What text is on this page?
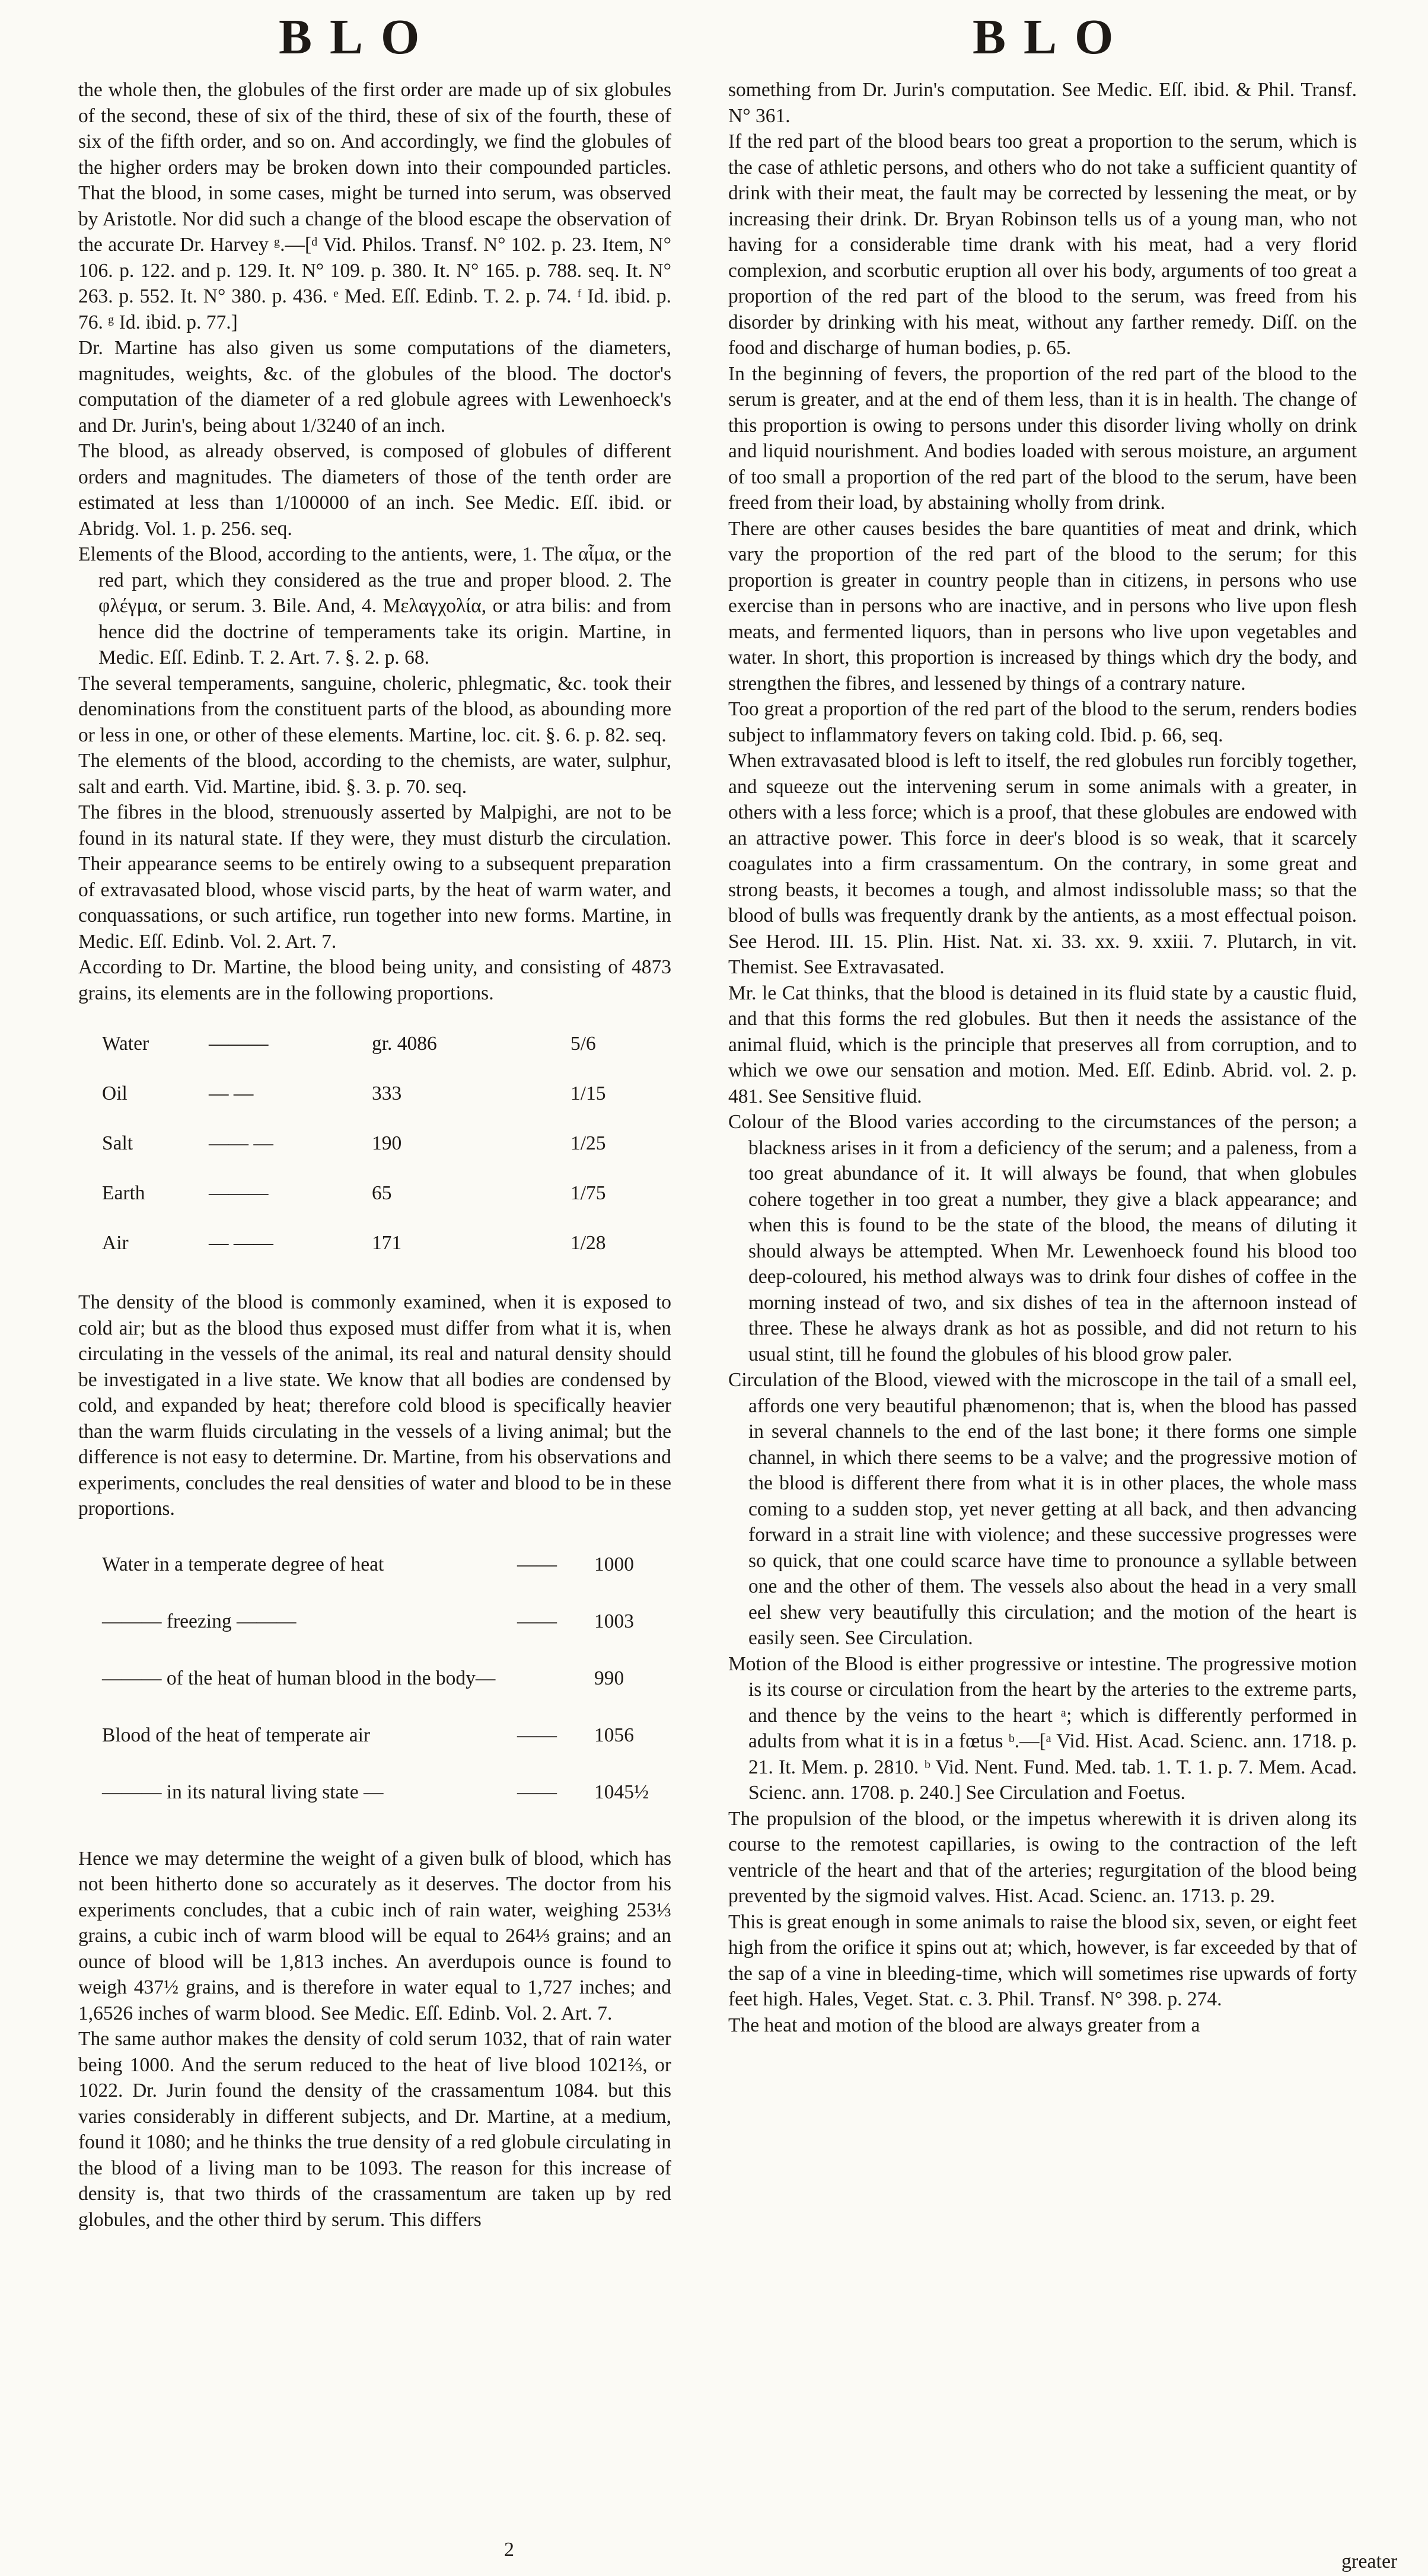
BLO	BLO

the whole then, the globules of the first order are made up of six globules of the second, these of six of the third, these of six of the fourth, these of six of the fifth order, and so on. And accordingly, we find the globules of the higher orders may be broken down into their compounded particles. That the blood, in some cases, might be turned into serum, was observed by Aristotle. Nor did such a change of the blood escape the observation of the accurate Dr. Harvey ᵍ.—[ᵈ Vid. Philos. Transf. N° 102. p. 23. Item, N° 106. p. 122. and p. 129. It. N° 109. p. 380. It. N° 165. p. 788. seq. It. N° 263. p. 552. It. N° 380. p. 436. ᵉ Med. Eſſ. Edinb. T. 2. p. 74. ᶠ Id. ibid. p. 76. ᵍ Id. ibid. p. 77.]

Dr. Martine has also given us some computations of the diameters, magnitudes, weights, &c. of the globules of the blood. The doctor's computation of the diameter of a red globule agrees with Lewenhoeck's and Dr. Jurin's, being about 1/3240 of an inch.

The blood, as already observed, is composed of globules of different orders and magnitudes. The diameters of those of the tenth order are estimated at less than 1/100000 of an inch. See Medic. Eſſ. ibid. or Abridg. Vol. 1. p. 256. seq.

Elements of the Blood, according to the antients, were, 1. The αἷμα, or the red part, which they considered as the true and proper blood. 2. The φλέγμα, or serum. 3. Bile. And, 4. Μελαγχολία, or atra bilis: and from hence did the doctrine of temperaments take its origin. Martine, in Medic. Eſſ. Edinb. T. 2. Art. 7. §. 2. p. 68.

The several temperaments, sanguine, choleric, phlegmatic, &c. took their denominations from the constituent parts of the blood, as abounding more or less in one, or other of these elements. Martine, loc. cit. §. 6. p. 82. seq.

The elements of the blood, according to the chemists, are water, sulphur, salt and earth. Vid. Martine, ibid. §. 3. p. 70. seq.

The fibres in the blood, strenuously asserted by Malpighi, are not to be found in its natural state. If they were, they must disturb the circulation. Their appearance seems to be entirely owing to a subsequent preparation of extravasated blood, whose viscid parts, by the heat of warm water, and conquassations, or such artifice, run together into new forms. Martine, in Medic. Eſſ. Edinb. Vol. 2. Art. 7.

According to Dr. Martine, the blood being unity, and consisting of 4873 grains, its elements are in the following proportions.

Water	———	gr. 4086	5/6
Oil	— —	333	1/15
Salt	—— —	190	1/25
Earth	———	65	1/75
Air	— ——	171	1/28

The density of the blood is commonly examined, when it is exposed to cold air; but as the blood thus exposed must differ from what it is, when circulating in the vessels of the animal, its real and natural density should be investigated in a live state. We know that all bodies are condensed by cold, and expanded by heat; therefore cold blood is specifically heavier than the warm fluids circulating in the vessels of a living animal; but the difference is not easy to determine. Dr. Martine, from his observations and experiments, concludes the real densities of water and blood to be in these proportions.

Water in a temperate degree of heat	—— 1000
——— freezing ———	—— 1003
——— of the heat of human blood in the body—	990
Blood of the heat of temperate air	—— 1056
——— in its natural living state —	—— 1045½

Hence we may determine the weight of a given bulk of blood, which has not been hitherto done so accurately as it deserves. The doctor from his experiments concludes, that a cubic inch of rain water, weighing 253⅓ grains, a cubic inch of warm blood will be equal to 264⅓ grains; and an ounce of blood will be 1,813 inches. An averdupois ounce is found to weigh 437½ grains, and is therefore in water equal to 1,727 inches; and 1,6526 inches of warm blood. See Medic. Eſſ. Edinb. Vol. 2. Art. 7.

The same author makes the density of cold serum 1032, that of rain water being 1000. And the serum reduced to the heat of live blood 1021⅔, or 1022. Dr. Jurin found the density of the crassamentum 1084. but this varies considerably in different subjects, and Dr. Martine, at a medium, found it 1080; and he thinks the true density of a red globule circulating in the blood of a living man to be 1093. The reason for this increase of density is, that two thirds of the crassamentum are taken up by red globules, and the other third by serum. This differs

something from Dr. Jurin's computation. See Medic. Eſſ. ibid. & Phil. Transf. N° 361.

If the red part of the blood bears too great a proportion to the serum, which is the case of athletic persons, and others who do not take a sufficient quantity of drink with their meat, the fault may be corrected by lessening the meat, or by increasing their drink. Dr. Bryan Robinson tells us of a young man, who not having for a considerable time drank with his meat, had a very florid complexion, and scorbutic eruption all over his body, arguments of too great a proportion of the red part of the blood to the serum, was freed from his disorder by drinking with his meat, without any farther remedy. Diſſ. on the food and discharge of human bodies, p. 65.

In the beginning of fevers, the proportion of the red part of the blood to the serum is greater, and at the end of them less, than it is in health. The change of this proportion is owing to persons under this disorder living wholly on drink and liquid nourishment. And bodies loaded with serous moisture, an argument of too small a proportion of the red part of the blood to the serum, have been freed from their load, by abstaining wholly from drink.

There are other causes besides the bare quantities of meat and drink, which vary the proportion of the red part of the blood to the serum; for this proportion is greater in country people than in citizens, in persons who use exercise than in persons who are inactive, and in persons who live upon flesh meats, and fermented liquors, than in persons who live upon vegetables and water. In short, this proportion is increased by things which dry the body, and strengthen the fibres, and lessened by things of a contrary nature.

Too great a proportion of the red part of the blood to the serum, renders bodies subject to inflammatory fevers on taking cold. Ibid. p. 66, seq.

When extravasated blood is left to itself, the red globules run forcibly together, and squeeze out the intervening serum in some animals with a greater, in others with a less force; which is a proof, that these globules are endowed with an attractive power. This force in deer's blood is so weak, that it scarcely coagulates into a firm crassamentum. On the contrary, in some great and strong beasts, it becomes a tough, and almost indissoluble mass; so that the blood of bulls was frequently drank by the antients, as a most effectual poison. See Herod. III. 15. Plin. Hist. Nat. xi. 33. xx. 9. xxiii. 7. Plutarch, in vit. Themist. See Extravasated.

Mr. le Cat thinks, that the blood is detained in its fluid state by a caustic fluid, and that this forms the red globules. But then it needs the assistance of the animal fluid, which is the principle that preserves all from corruption, and to which we owe our sensation and motion. Med. Eſſ. Edinb. Abrid. vol. 2. p. 481. See Sensitive fluid.

Colour of the Blood varies according to the circumstances of the person; a blackness arises in it from a deficiency of the serum; and a paleness, from a too great abundance of it. It will always be found, that when globules cohere together in too great a number, they give a black appearance; and when this is found to be the state of the blood, the means of diluting it should always be attempted. When Mr. Lewenhoeck found his blood too deep-coloured, his method always was to drink four dishes of coffee in the morning instead of two, and six dishes of tea in the afternoon instead of three. These he always drank as hot as possible, and did not return to his usual stint, till he found the globules of his blood grow paler.

Circulation of the Blood, viewed with the microscope in the tail of a small eel, affords one very beautiful phænomenon; that is, when the blood has passed in several channels to the end of the last bone; it there forms one simple channel, in which there seems to be a valve; and the progressive motion of the blood is different there from what it is in other places, the whole mass coming to a sudden stop, yet never getting at all back, and then advancing forward in a strait line with violence; and these successive progresses were so quick, that one could scarce have time to pronounce a syllable between one and the other of them. The vessels also about the head in a very small eel shew very beautifully this circulation; and the motion of the heart is easily seen. See Circulation.

Motion of the Blood is either progressive or intestine. The progressive motion is its course or circulation from the heart by the arteries to the extreme parts, and thence by the veins to the heart ᵃ; which is differently performed in adults from what it is in a fœtus ᵇ.—[ᵃ Vid. Hist. Acad. Scienc. ann. 1718. p. 21. It. Mem. p. 2810. ᵇ Vid. Nent. Fund. Med. tab. 1. T. 1. p. 7. Mem. Acad. Scienc. ann. 1708. p. 240.] See Circulation and Foetus.

The propulsion of the blood, or the impetus wherewith it is driven along its course to the remotest capillaries, is owing to the contraction of the left ventricle of the heart and that of the arteries; regurgitation of the blood being prevented by the sigmoid valves. Hist. Acad. Scienc. an. 1713. p. 29.

This is great enough in some animals to raise the blood six, seven, or eight feet high from the orifice it spins out at; which, however, is far exceeded by that of the sap of a vine in bleeding-time, which will sometimes rise upwards of forty feet high. Hales, Veget. Stat. c. 3. Phil. Transf. N° 398. p. 274.

The heat and motion of the blood are always greater from a

2
greater
